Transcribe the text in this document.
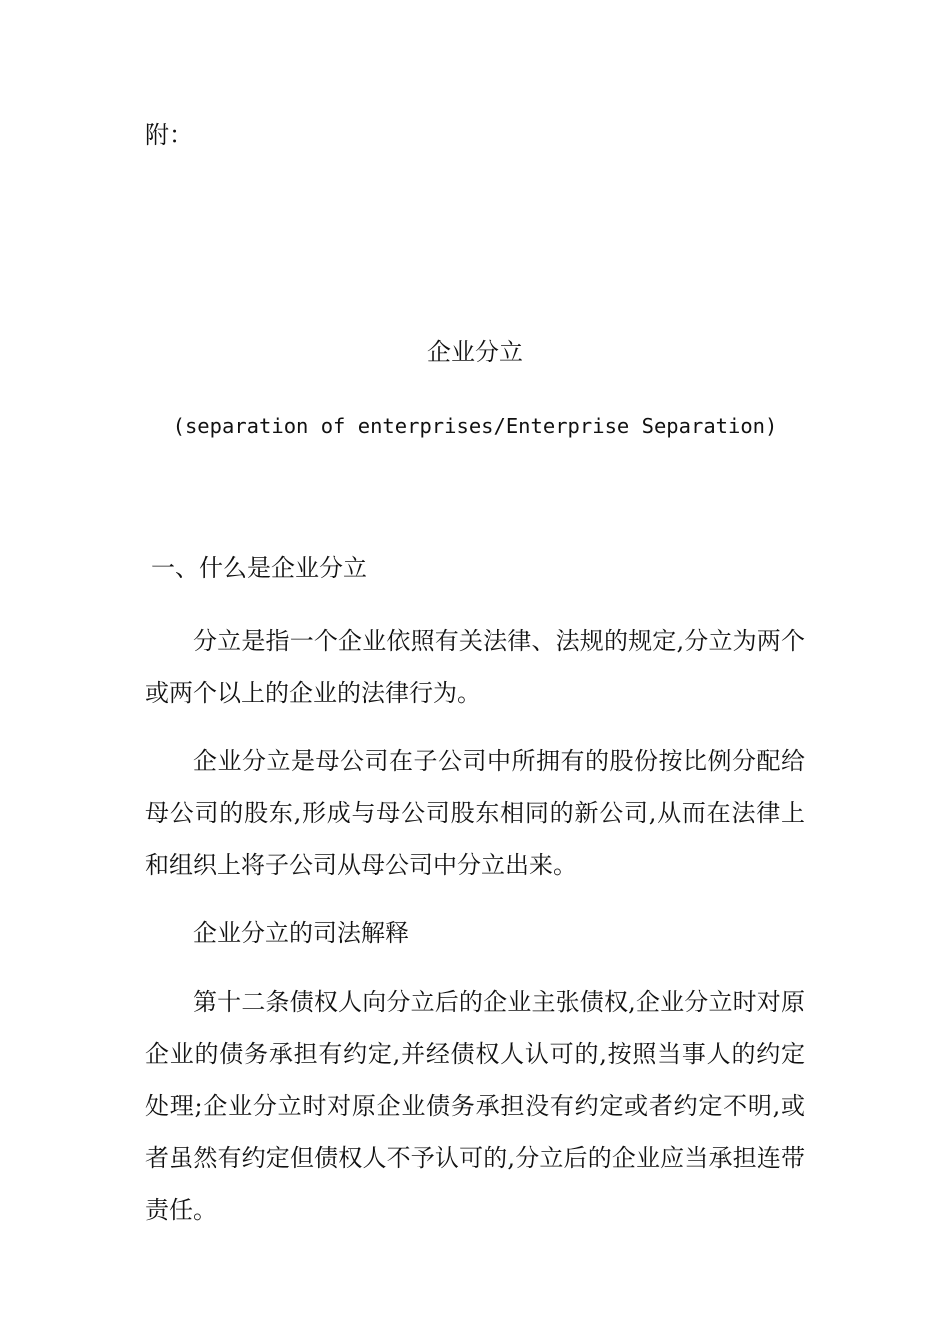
附：

企业分立

(separation of enterprises/Enterprise Separation)

一、什么是企业分立

分立是指一个企业依照有关法律、法规的规定,分立为两个或两个以上的企业的法律行为。

企业分立是母公司在子公司中所拥有的股份按比例分配给母公司的股东,形成与母公司股东相同的新公司,从而在法律上和组织上将子公司从母公司中分立出来。

企业分立的司法解释

第十二条债权人向分立后的企业主张债权,企业分立时对原企业的债务承担有约定,并经债权人认可的,按照当事人的约定处理;企业分立时对原企业债务承担没有约定或者约定不明,或者虽然有约定但债权人不予认可的,分立后的企业应当承担连带责任。
